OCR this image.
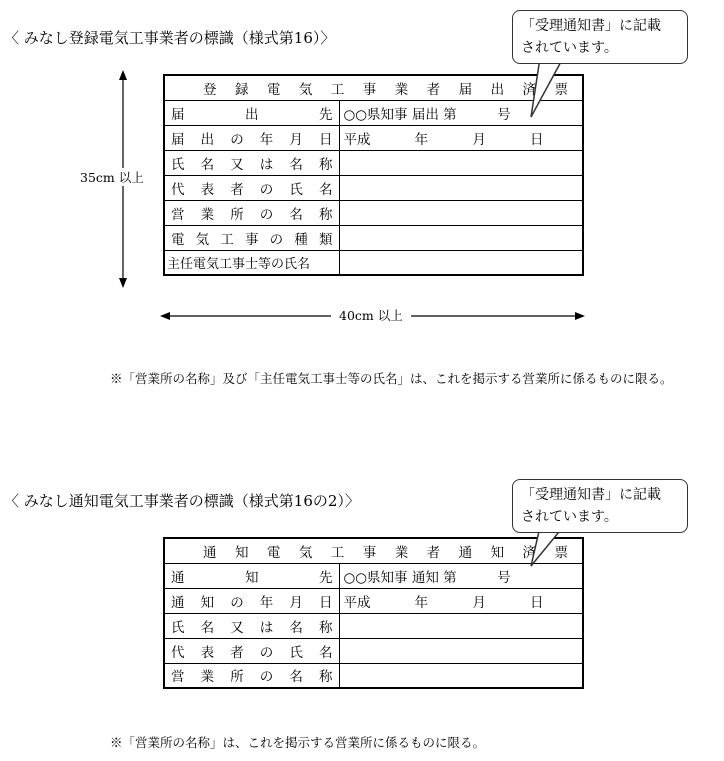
〈 みなし登録電気工事業者の標識（様式第16）〉
「受理通知書」に記載
されています。
登録電気工事業者届出済票	
届出先	○○県知事 届出 第　　　号
届出の年月日	平成 年 月 日

氏名又は名称	
代表者の氏名	
営業所の名称	
電気工事の種類	
主任電気工事士等の氏名	
35cm 以上
40cm 以上
※「営業所の名称」及び「主任電気工事士等の氏名」は、これを掲示する営業所に係るものに限る。
〈 みなし通知電気工事業者の標識（様式第16の2）〉	「受理通知書」に記載
されています。
通知電気工事業者通知済票	
通知先	○○県知事 通知 第　　　号
通知の年月日	平成 年 月 日

氏名又は名称	
代表者の氏名	
営業所の名称	
※「営業所の名称」は、これを掲示する営業所に係るものに限る。
